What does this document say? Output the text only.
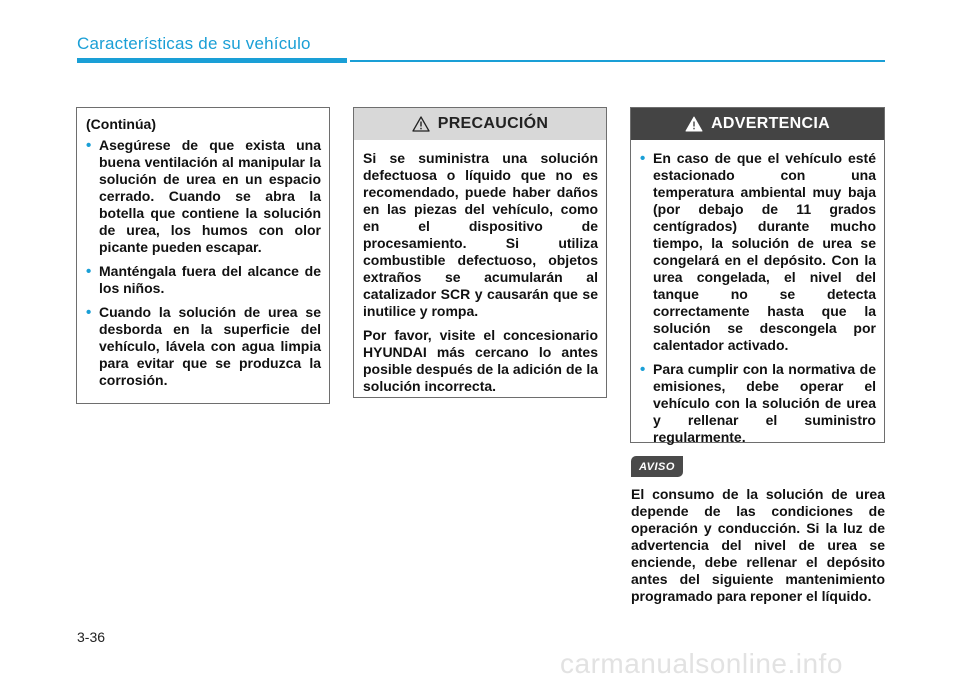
Características de su vehículo
(Continúa)
• Asegúrese de que exista una buena ventilación al manipular la solución de urea en un espacio cerrado. Cuando se abra la botella que contiene la solución de urea, los humos con olor picante pueden escapar.
• Manténgala fuera del alcance de los niños.
• Cuando la solución de urea se desborda en la superficie del vehículo, lávela con agua limpia para evitar que se produzca la corrosión.
PRECAUCIÓN

Si se suministra una solución defectuosa o líquido que no es recomendado, puede haber daños en las piezas del vehículo, como en el dispositivo de procesamiento. Si utiliza combustible defectuoso, objetos extraños se acumularán al catalizador SCR y causarán que se inutilice y rompa.

Por favor, visite el concesionario HYUNDAI más cercano lo antes posible después de la adición de la solución incorrecta.

ADVERTENCIA
• En caso de que el vehículo esté estacionado con una temperatura ambiental muy baja (por debajo de 11 grados centígrados) durante mucho tiempo, la solución de urea se congelará en el depósito. Con la urea congelada, el nivel del tanque no se detecta correctamente hasta que la solución se descongela por calentador activado.
• Para cumplir con la normativa de emisiones, debe operar el vehículo con la solución de urea y rellenar el suministro regularmente.
AVISO
El consumo de la solución de urea depende de las condiciones de operación y conducción. Si la luz de advertencia del nivel de urea se enciende, debe rellenar el depósito antes del siguiente mantenimiento programado para reponer el líquido.
3-36
carmanualsonline.info
